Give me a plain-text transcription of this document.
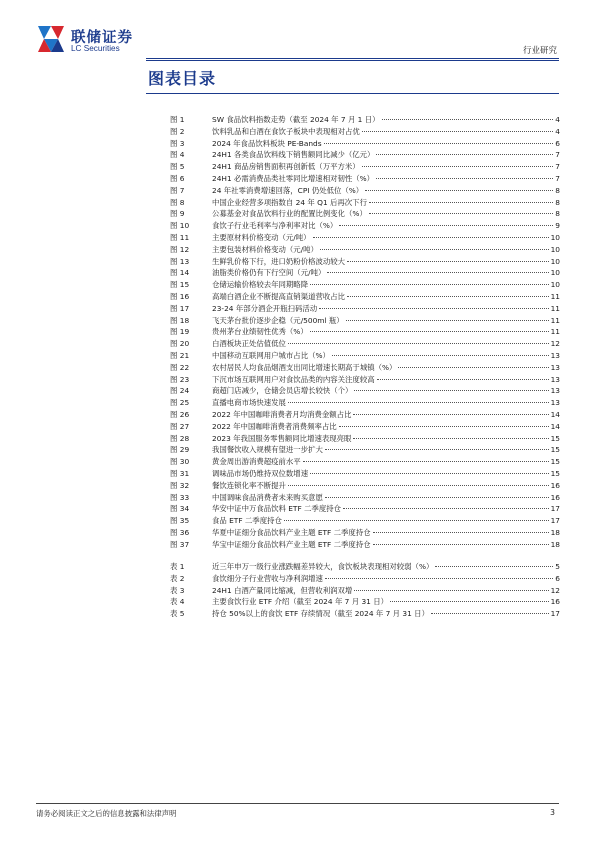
联储证券
LC Securities	行业研究
图表目录
图 1	SW 食品饮料指数走势（截至 2024 年 7 月 1 日）	4
图 2	饮料乳品和白酒在食饮子板块中表现相对占优	4
图 3	2024 年食品饮料板块 PE-Bands	6
图 4	24H1 各类食品饮料线下销售额同比减少（亿元）	7
图 5	24H1 商品房销售面积再创新低（万平方米）	7
图 6	24H1 必需消费品类社零同比增速相对韧性（%）	7
图 7	24 年社零消费增速回落，CPI 仍处低位（%）	8
图 8	中国企业经营多项指数自 24 年 Q1 后再次下行	8
图 9	公募基金对食品饮料行业的配置比例变化（%）	8
图 10	食饮子行业毛利率与净利率对比（%）	9
图 11	主要原材料价格变动（元/吨）	10
图 12	主要包装材料价格变动（元/吨）	10
图 13	生鲜乳价格下行，进口奶粉价格波动较大	10
图 14	油脂类价格仍有下行空间（元/吨）	10
图 15	仓储运输价格较去年同期略降	10
图 16	高端白酒企业不断提高直销渠道营收占比	11
图 17	23-24 年部分酒企开瓶扫码活动	11
图 18	飞天茅台批价逐步企稳（元/500ml 瓶）	11
图 19	贵州茅台业绩韧性优秀（%）	11
图 20	白酒板块正处估值低位	12
图 21	中国移动互联网用户城市占比（%）	13
图 22	农村居民人均食品烟酒支出同比增速长期高于城镇（%）	13
图 23	下沉市场互联网用户对食饮品类的内容关注度较高	13
图 24	商超门店减少，仓储会员店增长较快（个）	13
图 25	直播电商市场快速发展	13
图 26	2022 年中国咖啡消费者月均消费金额占比	14
图 27	2022 年中国咖啡消费者消费频率占比	14
图 28	2023 年我国服务零售额同比增速表现亮眼	15
图 29	我国餐饮收入规模有望进一步扩大	15
图 30	黄金周出游消费超疫前水平	15
图 31	调味品市场仍维持双位数增速	15
图 32	餐饮连锁化率不断提升	16
图 33	中国调味食品消费者未来购买意愿	16
图 34	华安中证中万食品饮料 ETF 二季度持仓	17
图 35	食品 ETF 二季度持仓	17
图 36	华夏中证细分食品饮料产业主题 ETF 二季度持仓	18
图 37	华宝中证细分食品饮料产业主题 ETF 二季度持仓	18
表 1	近三年申万一级行业涨跌幅差异较大，食饮板块表现相对较弱（%）	5
表 2	食饮细分子行业营收与净利润增速	6
表 3	24H1 白酒产量同比缩减，但营收利润双增	12
表 4	主要食饮行业 ETF 介绍（截至 2024 年 7 月 31 日）	16
表 5	持仓 50%以上的食饮 ETF 存续情况（截至 2024 年 7 月 31 日）	17
请务必阅读正文之后的信息披露和法律声明	3
